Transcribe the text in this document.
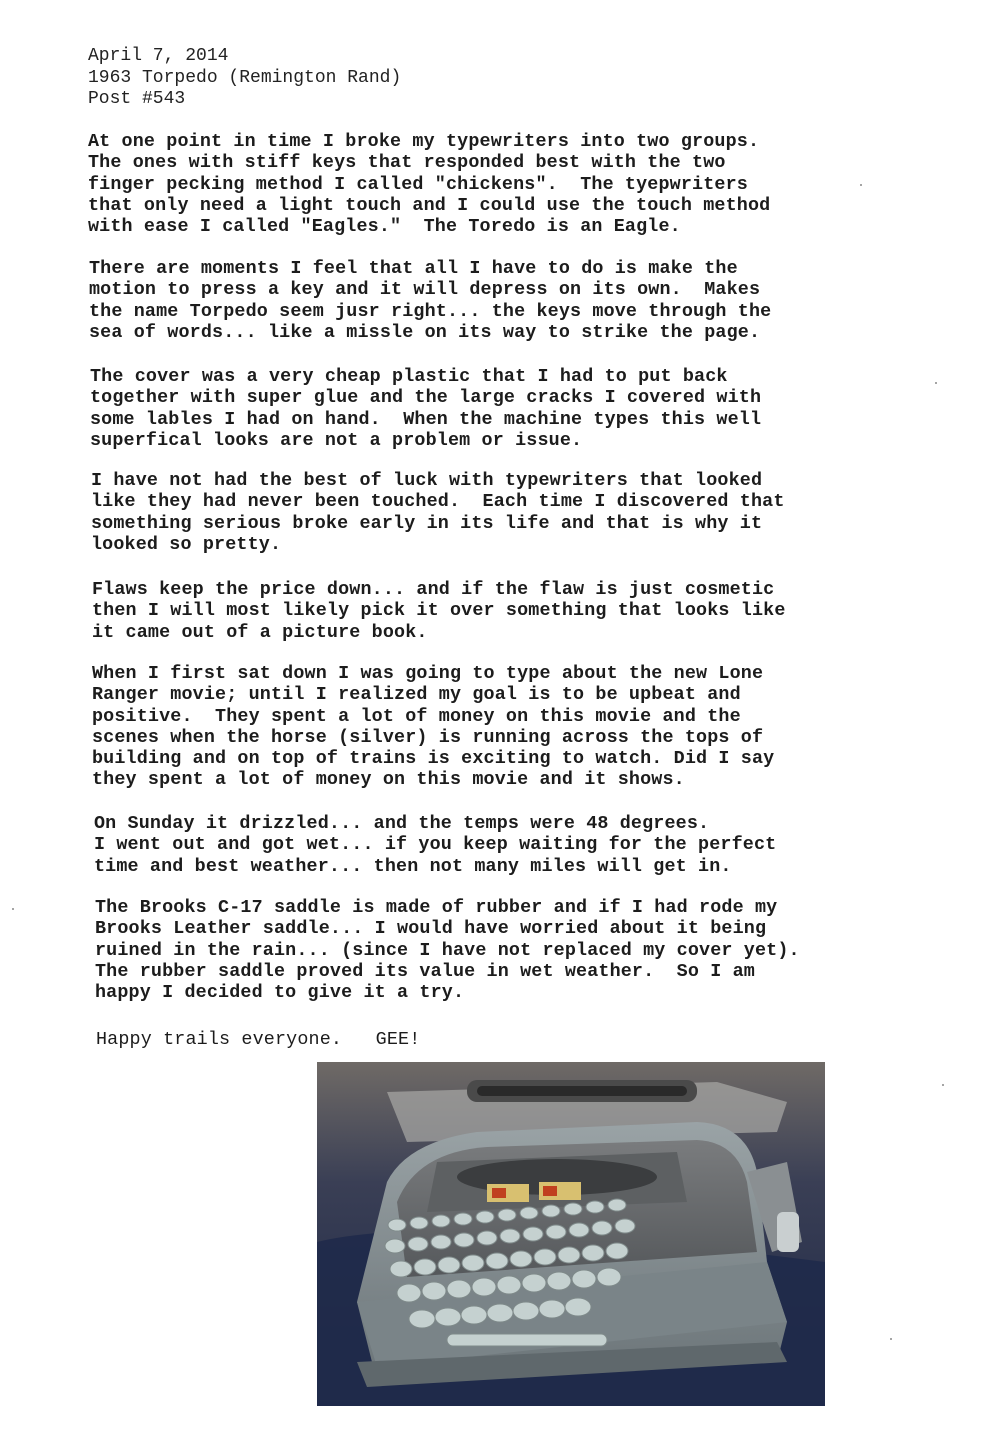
April 7, 2014
1963 Torpedo (Remington Rand)
Post #543
At one point in time I broke my typewriters into two groups.
The ones with stiff keys that responded best with the two
finger pecking method I called "chickens".  The tyepwriters
that only need a light touch and I could use the touch method
with ease I called "Eagles."  The Toredo is an Eagle.
There are moments I feel that all I have to do is make the
motion to press a key and it will depress on its own.  Makes
the name Torpedo seem jusr right... the keys move through the
sea of words... like a missle on its way to strike the page.
The cover was a very cheap plastic that I had to put back
together with super glue and the large cracks I covered with
some lables I had on hand.  When the machine types this well
superfical looks are not a problem or issue.
I have not had the best of luck with typewriters that looked
like they had never been touched.  Each time I discovered that
something serious broke early in its life and that is why it
looked so pretty.
Flaws keep the price down... and if the flaw is just cosmetic
then I will most likely pick it over something that looks like
it came out of a picture book.
When I first sat down I was going to type about the new Lone
Ranger movie; until I realized my goal is to be upbeat and
positive.  They spent a lot of money on this movie and the
scenes when the horse (silver) is running across the tops of
building and on top of trains is exciting to watch. Did I say
they spent a lot of money on this movie and it shows.
On Sunday it drizzled... and the temps were 48 degrees.
I went out and got wet... if you keep waiting for the perfect
time and best weather... then not many miles will get in.
The Brooks C-17 saddle is made of rubber and if I had rode my
Brooks Leather saddle... I would have worried about it being
ruined in the rain... (since I have not replaced my cover yet).
The rubber saddle proved its value in wet weather.  So I am
happy I decided to give it a try.
Happy trails everyone.   GEE!
